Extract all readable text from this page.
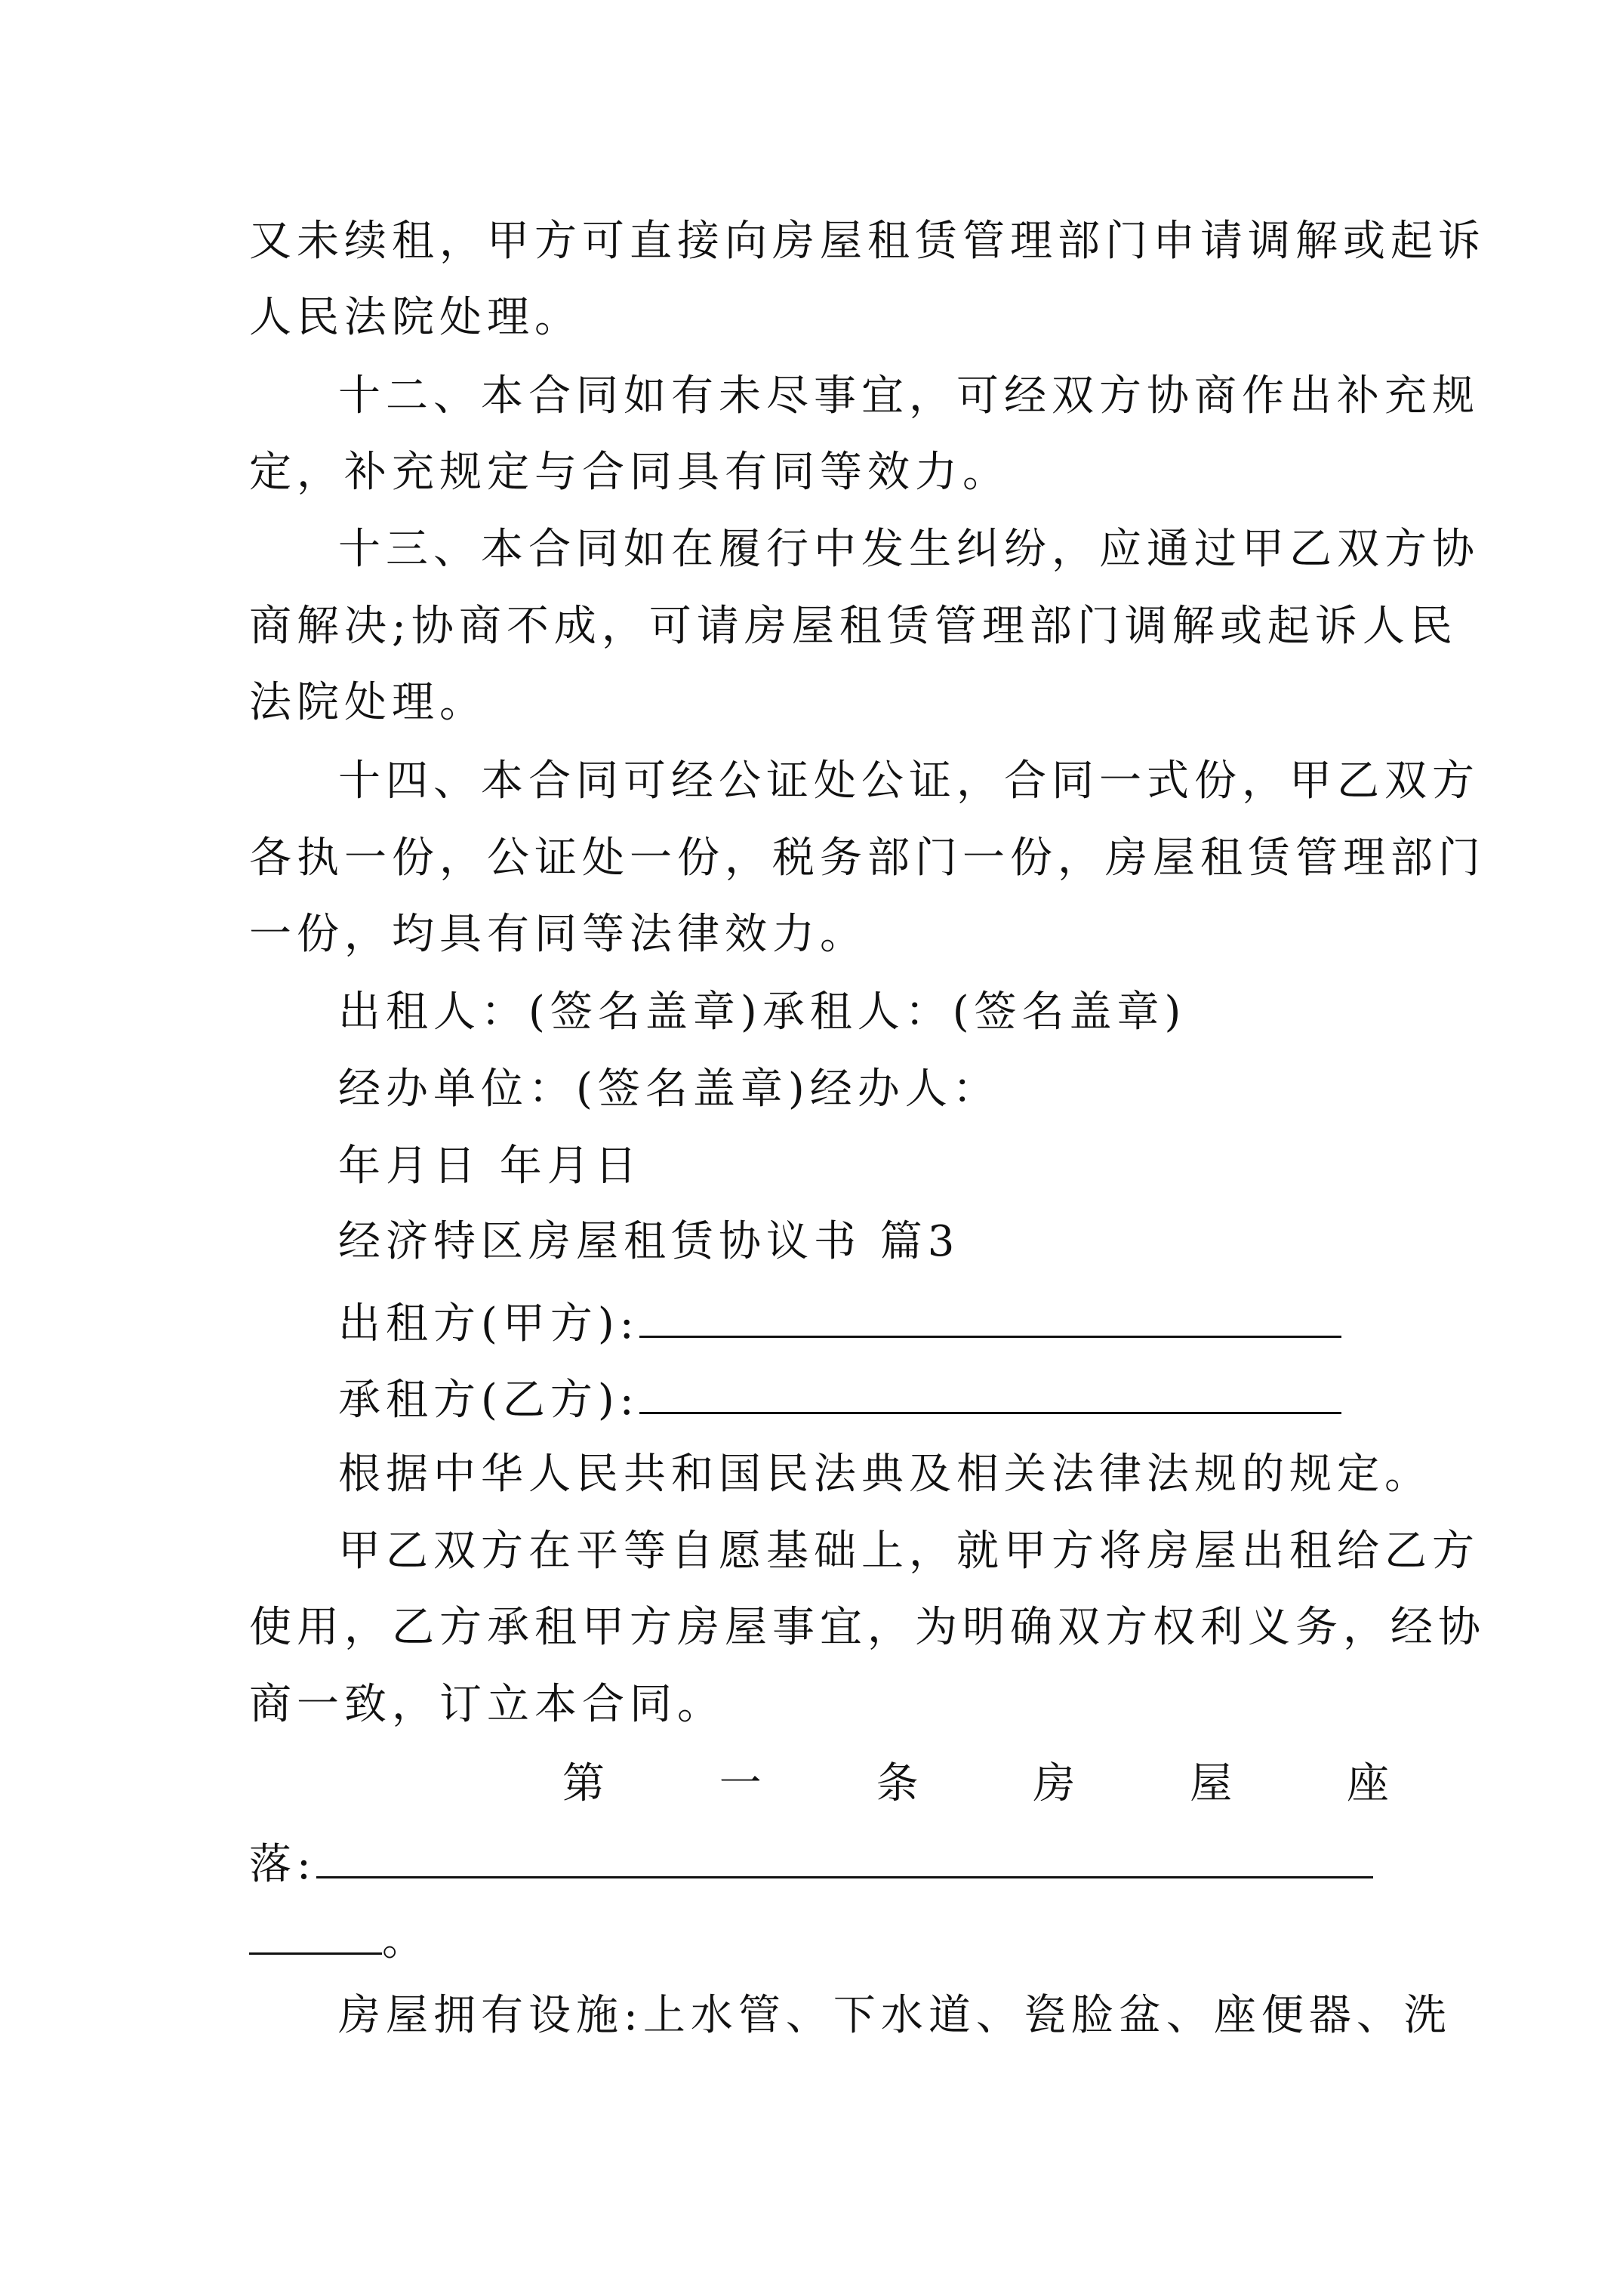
又 未 续 租 ， 甲 方 可 直 接 向 房 屋 租 赁 管 理 部 门 申 请 调 解 或 起 诉
人民法院处理。
十 二 、 本 合 同 如 有 未 尽 事 宜 ， 可 经 双 方 协 商 作 出 补 充 规
定，补充规定与合同具有同等效力。
十 三 、 本 合 同 如 在 履 行 中 发 生 纠 纷 ， 应 通 过 甲 乙 双 方 协
商 解 决 ; 协 商 不 成 ， 可 请 房 屋 租 赁 管 理 部 门 调 解 或 起 诉 人 民
法院处理。
十 四 、 本 合 同 可 经 公 证 处 公 证 ， 合 同 一 式 份 ， 甲 乙 双 方
各 执 一 份 ， 公 证 处 一 份 ， 税 务 部 门 一 份 ， 房 屋 租 赁 管 理 部 门
一份，均具有同等法律效力。
出租人：(签名盖章)承租人：(签名盖章)
经办单位：(签名盖章)经办人：
年月日 年月日
经济特区房屋租赁协议书 篇3
出租方(甲方):
承租方(乙方):
根据中华人民共和国民法典及相关法律法规的规定。
甲 乙 双 方 在 平 等 自 愿 基 础 上 ， 就 甲 方 将 房 屋 出 租 给 乙 方
使 用 ， 乙 方 承 租 甲 方 房 屋 事 宜 ， 为 明 确 双 方 权 利 义 务 ， 经 协
商一致，订立本合同。
第	一	条	房	屋	座
落:
。
房 屋 拥 有 设 施 : 上 水 管 、 下 水 道 、 瓷 脸 盆 、 座 便 器 、 洗
